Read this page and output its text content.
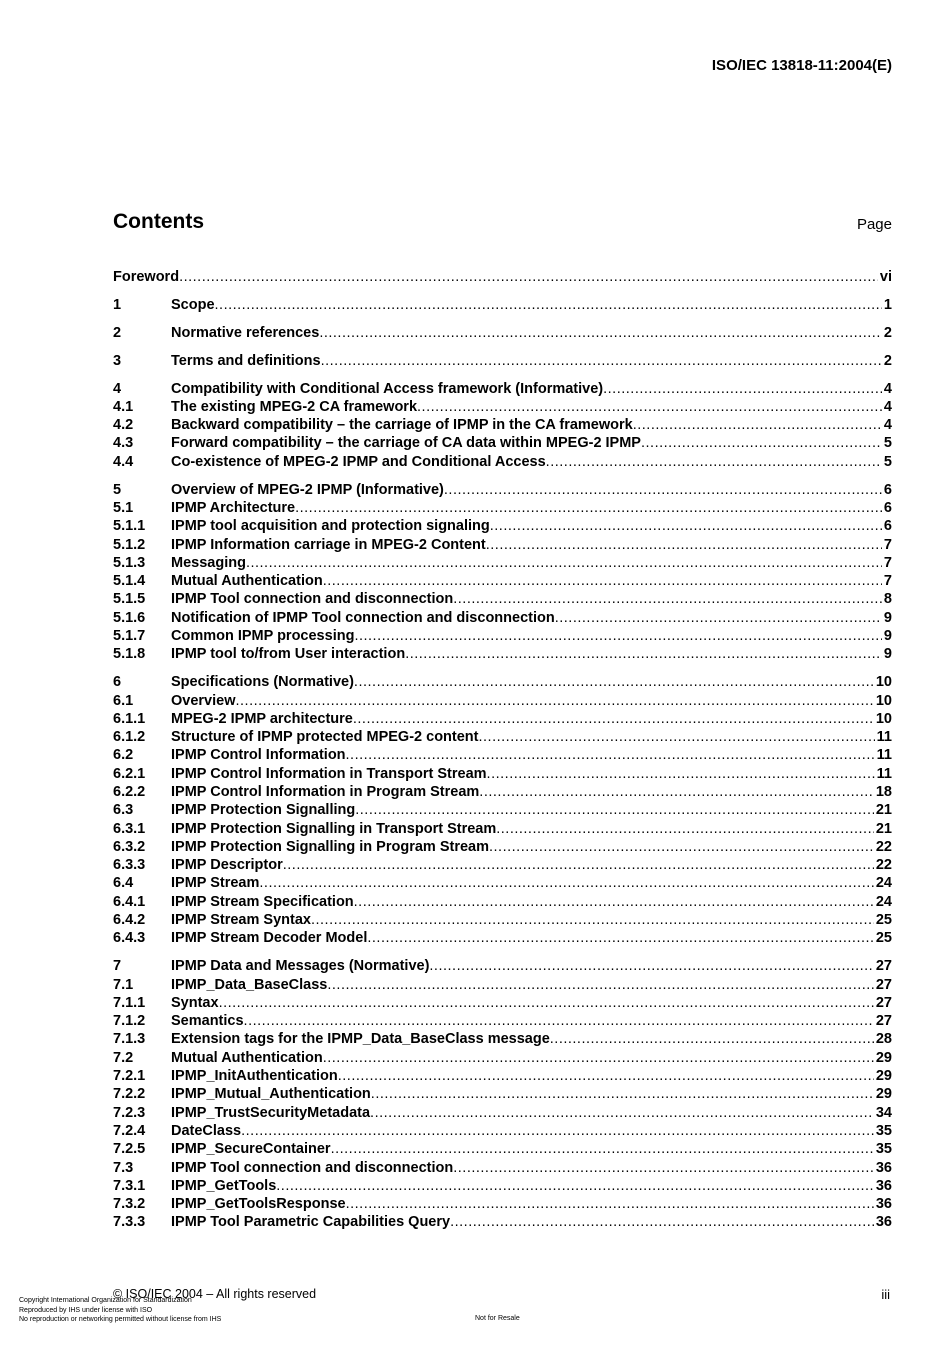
ISO/IEC 13818-11:2004(E)
Contents	Page
Foreword .....	vi
1	Scope .....	1
2	Normative references .....	2
3	Terms and definitions .....	2
4	Compatibility with Conditional Access framework (Informative) .....	4
4.1	The existing MPEG-2 CA framework .....	4
4.2	Backward compatibility – the carriage of IPMP in the CA framework .....	4
4.3	Forward compatibility – the carriage of CA data within MPEG-2 IPMP .....	5
4.4	Co-existence of MPEG-2 IPMP and Conditional Access .....	5
5	Overview of MPEG-2 IPMP (Informative) .....	6
5.1	IPMP Architecture .....	6
5.1.1	IPMP tool acquisition and protection signaling .....	6
5.1.2	IPMP Information carriage in MPEG-2 Content .....	7
5.1.3	Messaging .....	7
5.1.4	Mutual Authentication .....	7
5.1.5	IPMP Tool connection and disconnection .....	8
5.1.6	Notification of IPMP Tool connection and disconnection .....	9
5.1.7	Common IPMP processing .....	9
5.1.8	IPMP tool to/from User interaction .....	9
6	Specifications (Normative) .....	10
6.1	Overview .....	10
6.1.1	MPEG-2 IPMP architecture .....	10
6.1.2	Structure of IPMP protected MPEG-2 content .....	11
6.2	IPMP Control Information .....	11
6.2.1	IPMP Control Information in Transport Stream .....	11
6.2.2	IPMP Control Information in Program Stream .....	18
6.3	IPMP Protection Signalling .....	21
6.3.1	IPMP Protection Signalling in Transport Stream .....	21
6.3.2	IPMP Protection Signalling in Program Stream .....	22
6.3.3	IPMP Descriptor .....	22
6.4	IPMP Stream .....	24
6.4.1	IPMP Stream Specification .....	24
6.4.2	IPMP Stream Syntax .....	25
6.4.3	IPMP Stream Decoder Model .....	25
7	IPMP Data and Messages (Normative) .....	27
7.1	IPMP_Data_BaseClass .....	27
7.1.1	Syntax .....	27
7.1.2	Semantics .....	27
7.1.3	Extension tags for the IPMP_Data_BaseClass message .....	28
7.2	Mutual Authentication .....	29
7.2.1	IPMP_InitAuthentication .....	29
7.2.2	IPMP_Mutual_Authentication .....	29
7.2.3	IPMP_TrustSecurityMetadata .....	34
7.2.4	DateClass .....	35
7.2.5	IPMP_SecureContainer .....	35
7.3	IPMP Tool connection and disconnection .....	36
7.3.1	IPMP_GetTools .....	36
7.3.2	IPMP_GetToolsResponse .....	36
7.3.3	IPMP Tool Parametric Capabilities Query .....	36
© ISO/IEC 2004 – All rights reserved	iii
Copyright International Organization for Standardization
Reproduced by IHS under license with ISO
No reproduction or networking permitted without license from IHS	Not for Resale
